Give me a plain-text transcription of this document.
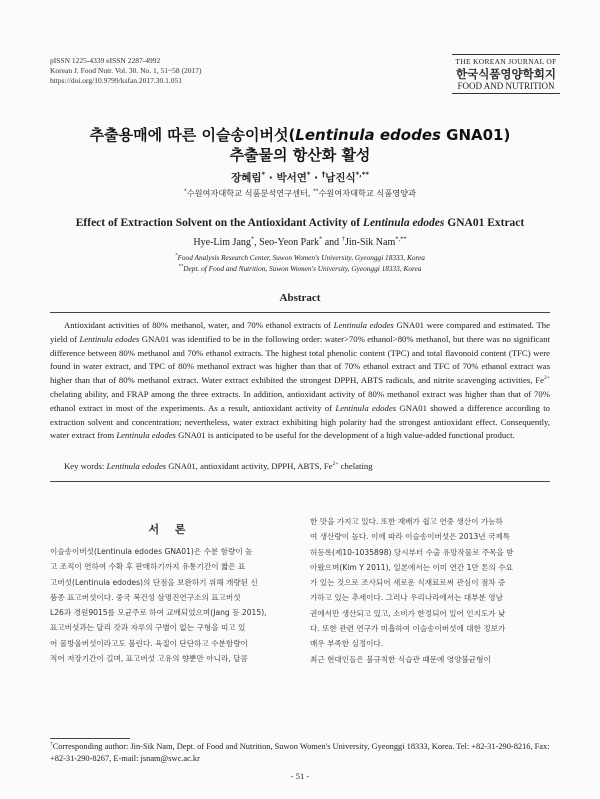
pISSN 1225-4339 eISSN 2287-4992
Korean J. Food Nutr. Vol. 30. No. 1, 51~58 (2017)
https://doi.org/10.9799/ksfan.2017.30.1.051
THE KOREAN JOURNAL OF
한국식품영양학회지
FOOD AND NUTRITION
추출용매에 따른 이슬송이버섯(Lentinula edodes GNA01)
추출물의 항산화 활성
장혜림* · 박서연* · †남진식*,**
*수원여자대학교 식품분석연구센터, **수원여자대학교 식품영양과
Effect of Extraction Solvent on the Antioxidant Activity of Lentinula edodes GNA01 Extract
Hye-Lim Jang*, Seo-Yeon Park* and †Jin-Sik Nam*,**
*Food Analysis Research Center, Suwon Women's University, Gyeonggi 18333, Korea
**Dept. of Food and Nutrition, Suwon Women's University, Gyeonggi 18333, Korea
Abstract

Antioxidant activities of 80% methanol, water, and 70% ethanol extracts of Lentinula edodes GNA01 were compared and estimated. The yield of Lentinula edodes GNA01 was identified to be in the following order: water>70% ethanol>80% methanol, but there was no significant difference between 80% methanol and 70% ethanol extracts. The highest total phenolic content (TPC) and total flavonoid content (TFC) were found in water extract, and TPC of 80% methanol extract was higher than that of 70% ethanol extract and TFC of 70% ethanol extract was higher than that of 80% methanol extract. Water extract exhibited the strongest DPPH, ABTS radicals, and nitrite scavenging activities, $Fe^{2+}$ chelating ability, and FRAP among the three extracts. In addition, antioxidant activity of 80% methanol extract was higher than that of 70% ethanol extract in most of the experiments. As a result, antioxidant activity of Lentinula edodes GNA01 showed a difference according to extraction solvent and concentration; nevertheless, water extract exhibiting high polarity had the strongest antioxidant effect. Consequently, water extract from Lentinula edodes GNA01 is anticipated to be useful for the development of a high value-added functional product.

Key words: Lentinula edodes GNA01, antioxidant activity, DPPH, ABTS, $Fe^{2+}$ chelating
서 론
이슬송이버섯(Lentinula edodes GNA01)은 수분 함량이 높
고 조직이 연하여 수확 후 판매하기까지 유통기간이 짧은 표
고버섯(Lentinula edodes)의 단점을 보완하기 위해 개량된 신
품종 표고버섯이다. 중국 복건성 삼명진연구소의 표고버섯
L26과 경원9015를 모균주로 하여 교배되었으며(Jang 등 2015),
표고버섯과는 달리 갓과 자루의 구별이 없는 구형을 띠고 있
어 물방울버섯이라고도 불린다. 육질이 단단하고 수분함량이
적어 저장기간이 길며, 표고버섯 고유의 향뿐만 아니라, 달콤
한 맛을 가지고 있다. 또한 재배가 쉽고 연중 생산이 가능하
여 생산량이 높다. 이에 따라 이슬송이버섯은 2013년 국제특
허등록(제10-1035898) 당시부터 수출 유망작물로 주목을 받
아왔으며(Kim Y 2011), 일본에서는 이미 연간 1만 톤의 수요
가 있는 것으로 조사되어 새로운 식재료로써 관심이 점차 증
가하고 있는 추세이다. 그러나 우리나라에서는 대부분 영남
권에서만 생산되고 있고, 소비가 한정되어 있어 인지도가 낮
다. 또한 관련 연구가 미흡하여 이슬송이버섯에 대한 정보가
매우 부족한 실정이다.
최근 현대인들은 불규칙한 식습관 때문에 영양불균형이
†Corresponding author: Jin-Sik Nam, Dept. of Food and Nutrition, Suwon Women's University, Gyeonggi 18333, Korea. Tel: +82-31-290-8216, Fax: +82-31-290-8267, E-mail: jsnam@swc.ac.kr
- 51 -
